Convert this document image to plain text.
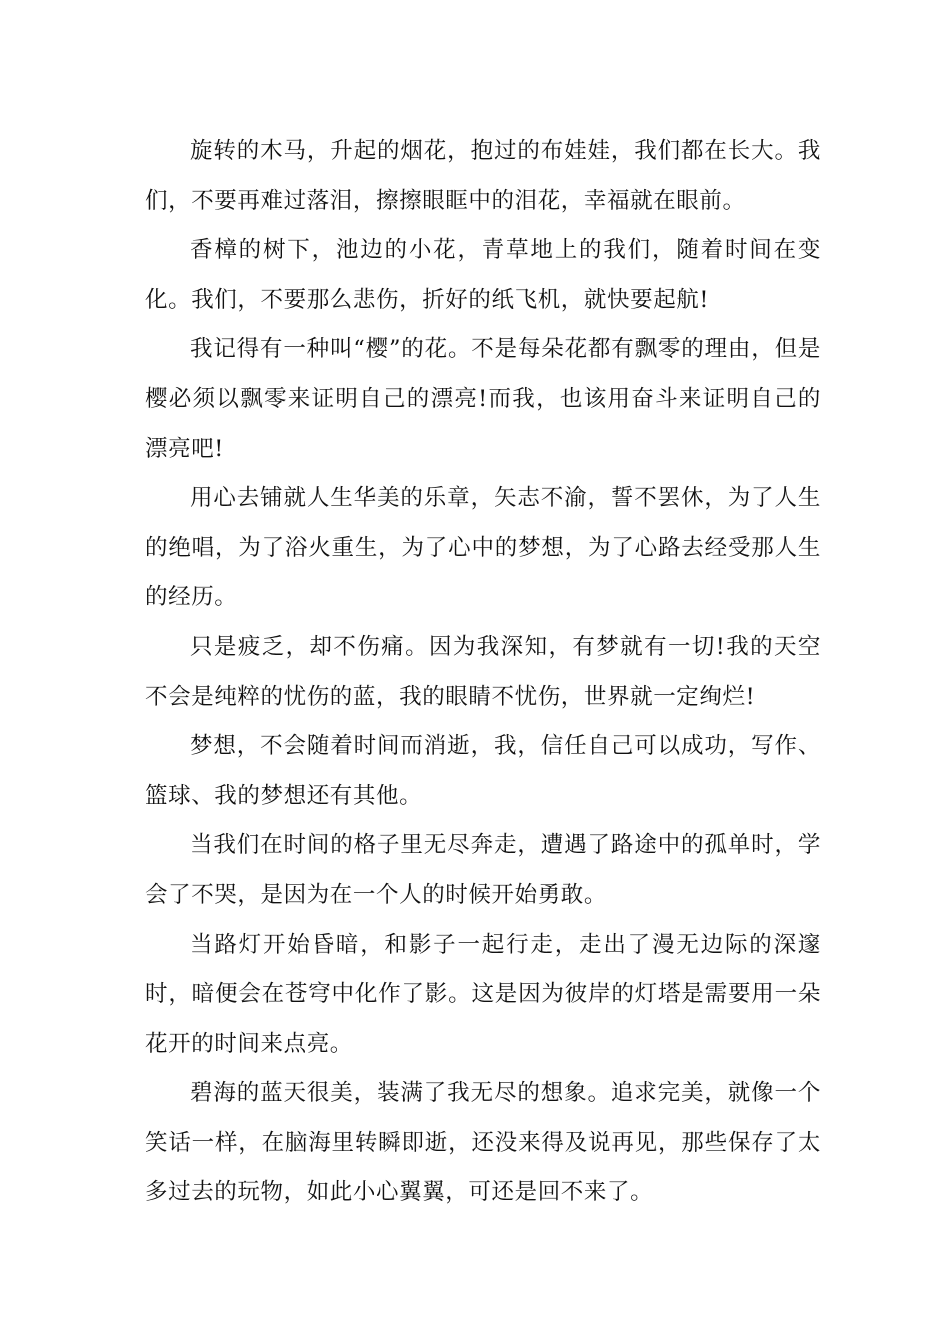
旋转的木马，升起的烟花，抱过的布娃娃，我们都在长大。我们，不要再难过落泪，擦擦眼眶中的泪花，幸福就在眼前。

香樟的树下，池边的小花，青草地上的我们，随着时间在变化。我们，不要那么悲伤，折好的纸飞机，就快要起航!

我记得有一种叫“樱”的花。不是每朵花都有飘零的理由，但是樱必须以飘零来证明自己的漂亮!而我，也该用奋斗来证明自己的漂亮吧!

用心去铺就人生华美的乐章，矢志不渝，誓不罢休，为了人生的绝唱，为了浴火重生，为了心中的梦想，为了心路去经受那人生的经历。

只是疲乏，却不伤痛。因为我深知，有梦就有一切!我的天空不会是纯粹的忧伤的蓝，我的眼睛不忧伤，世界就一定绚烂!

梦想，不会随着时间而消逝，我，信任自己可以成功，写作、篮球、我的梦想还有其他。

当我们在时间的格子里无尽奔走，遭遇了路途中的孤单时，学会了不哭，是因为在一个人的时候开始勇敢。

当路灯开始昏暗，和影子一起行走，走出了漫无边际的深邃时，暗便会在苍穹中化作了影。这是因为彼岸的灯塔是需要用一朵花开的时间来点亮。

碧海的蓝天很美，装满了我无尽的想象。追求完美，就像一个笑话一样，在脑海里转瞬即逝，还没来得及说再见，那些保存了太多过去的玩物，如此小心翼翼，可还是回不来了。
